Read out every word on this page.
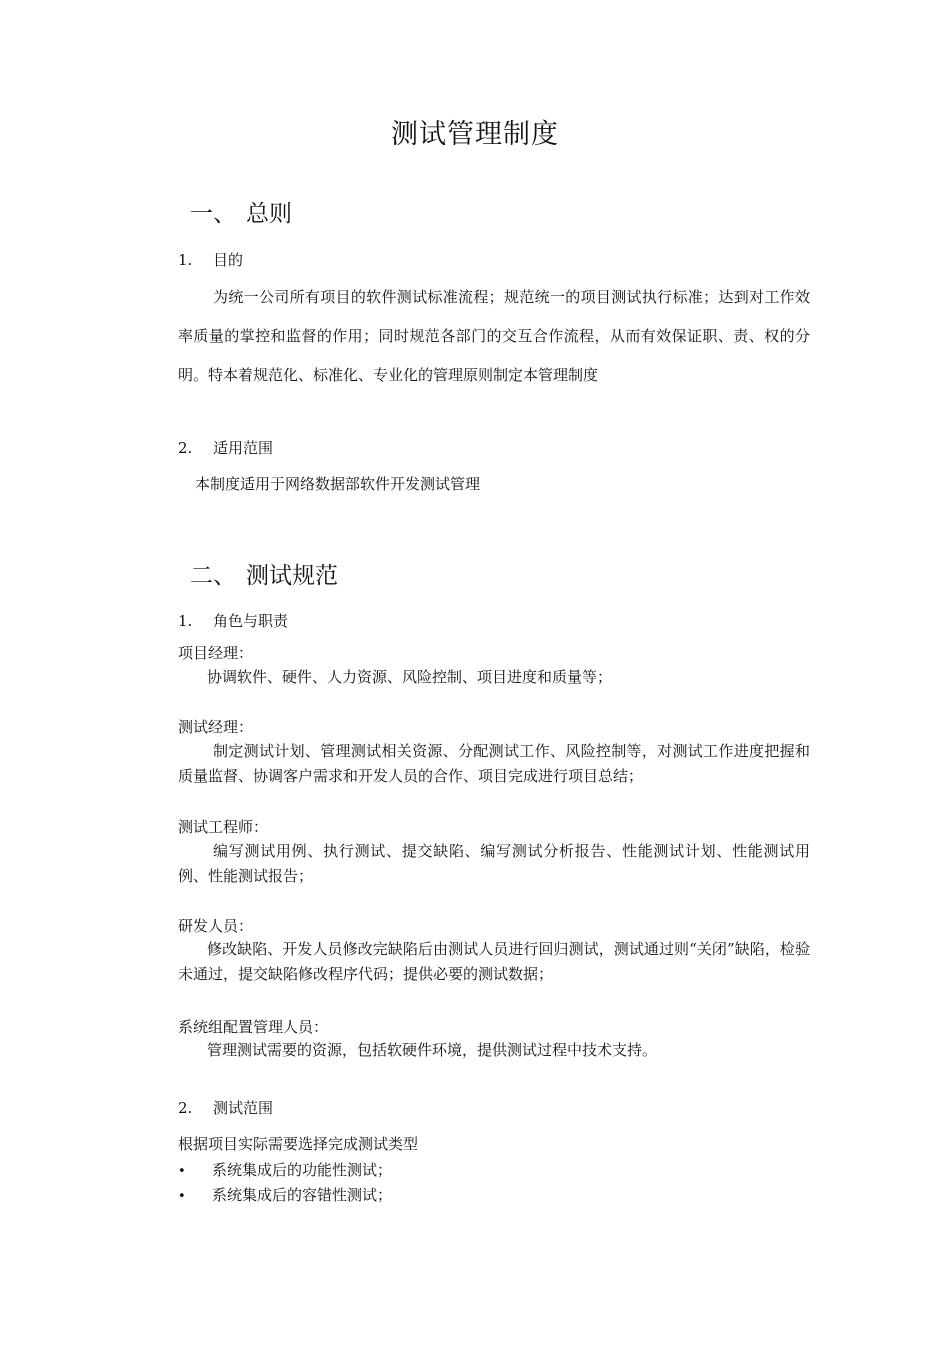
测试管理制度
一、 总则
1. 目的
为统一公司所有项目的软件测试标准流程；规范统一的项目测试执行标准；达到对工作效率质量的掌控和监督的作用；同时规范各部门的交互合作流程，从而有效保证职、责、权的分明。特本着规范化、标准化、专业化的管理原则制定本管理制度
2. 适用范围
本制度适用于网络数据部软件开发测试管理
二、 测试规范
1. 角色与职责
项目经理：
协调软件、硬件、人力资源、风险控制、项目进度和质量等；
测试经理：
制定测试计划、管理测试相关资源、分配测试工作、风险控制等，对测试工作进度把握和质量监督、协调客户需求和开发人员的合作、项目完成进行项目总结；
测试工程师：
编写测试用例、执行测试、提交缺陷、编写测试分析报告、性能测试计划、性能测试用例、性能测试报告；
研发人员：
修改缺陷、开发人员修改完缺陷后由测试人员进行回归测试，测试通过则“关闭”缺陷，检验未通过，提交缺陷修改程序代码；提供必要的测试数据；
系统组配置管理人员：
管理测试需要的资源，包括软硬件环境，提供测试过程中技术支持。
2. 测试范围
根据项目实际需要选择完成测试类型
• 系统集成后的功能性测试；
• 系统集成后的容错性测试；
